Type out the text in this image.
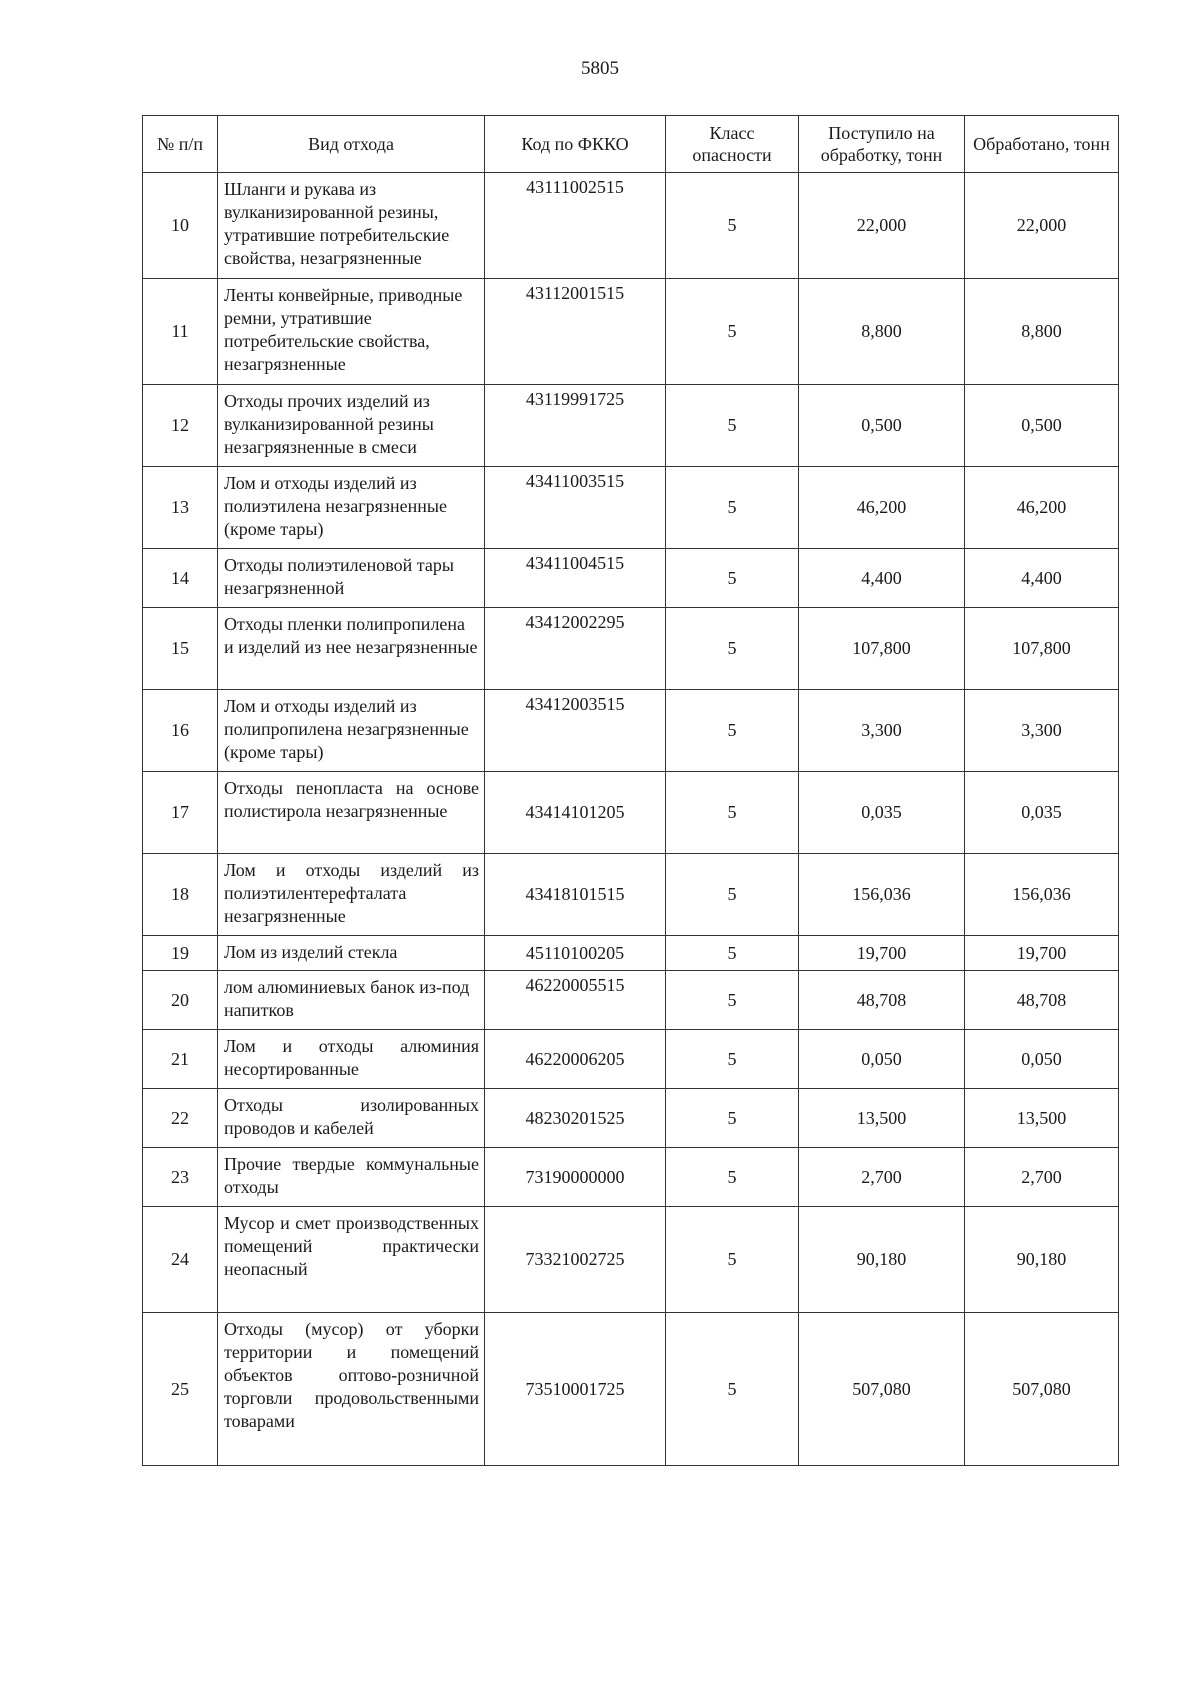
5805
№ п/п	Вид отхода	Код по ФККО	Класс опасности	Поступило на обработку, тонн	Обработано, тонн
10	Шланги и рукава из вулканизированной резины, утратившие потребительские свойства, незагрязненные	43111002515	5	22,000	22,000
11	Ленты конвейрные, приводные ремни, утратившие потребительские свойства, незагрязненные	43112001515	5	8,800	8,800
12	Отходы прочих изделий из вулканизированной резины незагряязненные в смеси	43119991725	5	0,500	0,500
13	Лом и отходы изделий из полиэтилена незагрязненные (кроме тары)	43411003515	5	46,200	46,200
14	Отходы полиэтиленовой тары незагрязненной	43411004515	5	4,400	4,400
15	Отходы пленки полипропилена и изделий из нее незагрязненные	43412002295	5	107,800	107,800
16	Лом и отходы изделий из полипропилена незагрязненные (кроме тары)	43412003515	5	3,300	3,300
17	Отходы пенопласта на основе полистирола незагрязненные	43414101205	5	0,035	0,035
18	Лом и отходы изделий из полиэтилентерефталата незагрязненные	43418101515	5	156,036	156,036
19	Лом из изделий стекла	45110100205	5	19,700	19,700
20	лом алюминиевых банок из-под напитков	46220005515	5	48,708	48,708
21	Лом и отходы алюминия несортированные	46220006205	5	0,050	0,050
22	Отходы изолированных проводов и кабелей	48230201525	5	13,500	13,500
23	Прочие твердые коммунальные отходы	73190000000	5	2,700	2,700
24	Мусор и смет производственных помещений практически неопасный	73321002725	5	90,180	90,180
25	Отходы (мусор) от уборки территории и помещений объектов оптово-розничной торговли продовольственными товарами	73510001725	5	507,080	507,080
